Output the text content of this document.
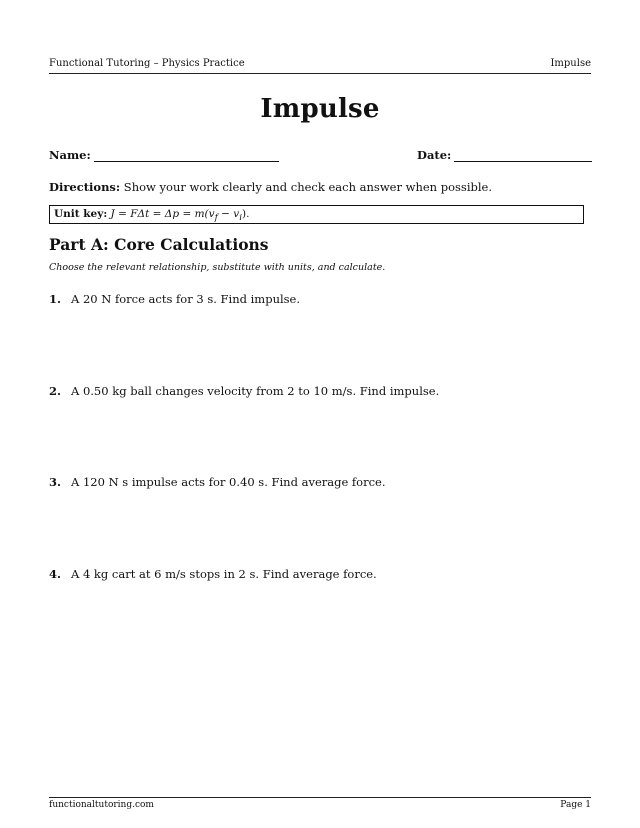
Functional Tutoring – Physics Practice	Impulse
Impulse
Name:	Date:
Directions: Show your work clearly and check each answer when possible.
Unit key: $J = F\Delta t = \Delta p = m(v_f - v_i)$.
Part A: Core Calculations
Choose the relevant relationship, substitute with units, and calculate.
1. A 20 N force acts for 3 s. Find impulse.
2. A 0.50 kg ball changes velocity from 2 to 10 m/s. Find impulse.
3. A 120 N s impulse acts for 0.40 s. Find average force.
4. A 4 kg cart at 6 m/s stops in 2 s. Find average force.
functionaltutoring.com	Page 1
